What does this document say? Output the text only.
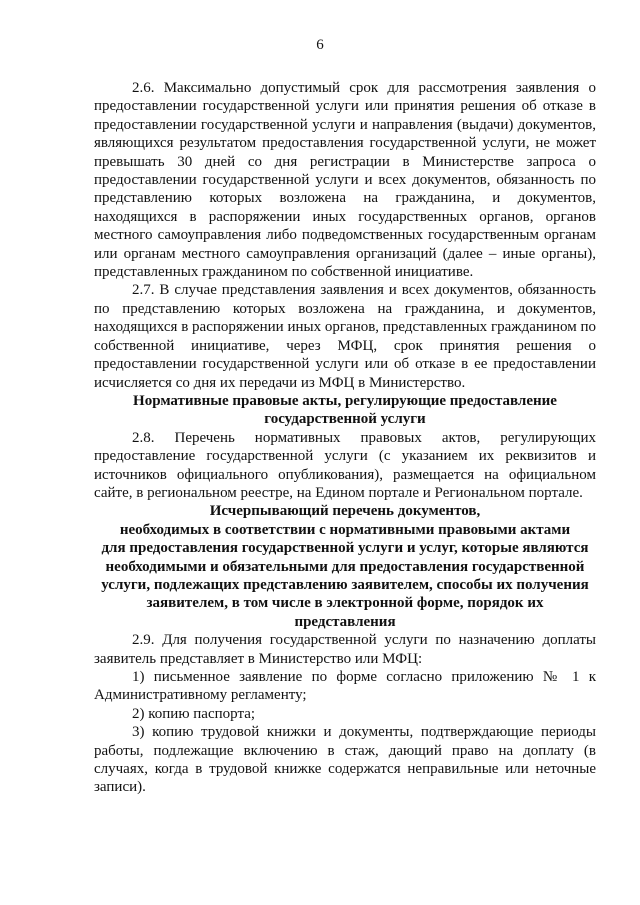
6

2.6. Максимально допустимый срок для рассмотрения заявления о предоставлении государственной услуги или принятия решения об отказе в предоставлении государственной услуги и направления (выдачи) документов, являющихся результатом предоставления государственной услуги, не может превышать 30 дней со дня регистрации в Министерстве запроса о предоставлении государственной услуги и всех документов, обязанность по представлению которых возложена на гражданина, и документов, находящихся в распоряжении иных государственных органов, органов местного самоуправления либо подведомственных государственным органам или органам местного самоуправления организаций (далее – иные органы), представленных гражданином по собственной инициативе.

2.7. В случае представления заявления и всех документов, обязанность по представлению которых возложена на гражданина, и документов, находящихся в распоряжении иных органов, представленных гражданином по собственной инициативе, через МФЦ, срок принятия решения о предоставлении государственной услуги или об отказе в ее предоставлении исчисляется со дня их передачи из МФЦ в Министерство.

Нормативные правовые акты, регулирующие предоставление
государственной услуги

2.8. Перечень нормативных правовых актов, регулирующих предоставление государственной услуги (с указанием их реквизитов и источников официального опубликования), размещается на официальном сайте, в региональном реестре, на Едином портале и Региональном портале.

Исчерпывающий перечень документов,
необходимых в соответствии с нормативными правовыми актами
для предоставления государственной услуги и услуг, которые являются
необходимыми и обязательными для предоставления государственной
услуги, подлежащих представлению заявителем, способы их получения
заявителем, в том числе в электронной форме, порядок их
представления

2.9. Для получения государственной услуги по назначению доплаты заявитель представляет в Министерство или МФЦ:

1) письменное заявление по форме согласно приложению № 1 к Административному регламенту;

2) копию паспорта;

3) копию трудовой книжки и документы, подтверждающие периоды работы, подлежащие включению в стаж, дающий право на доплату (в случаях, когда в трудовой книжке содержатся неправильные или неточные записи).
